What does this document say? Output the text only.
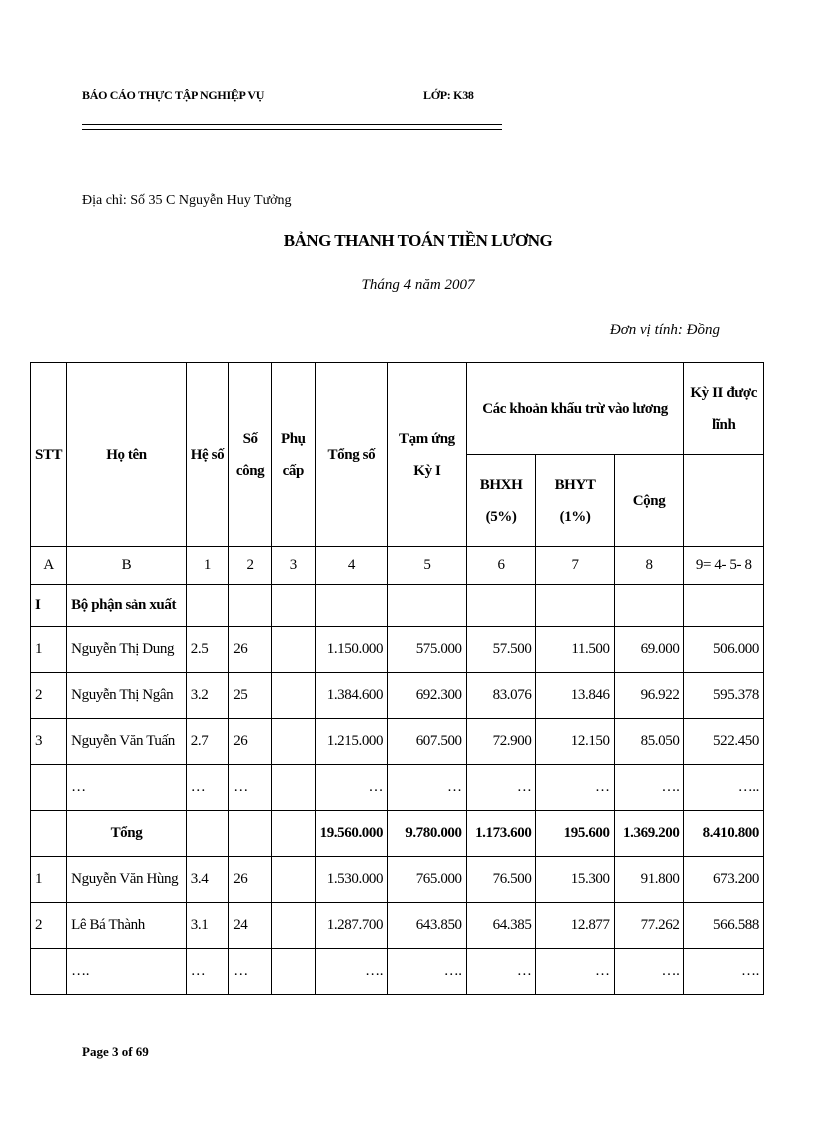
BÁO CÁO THỰC TẬP NGHIỆP VỤ	LỚP: K38
Địa chỉ: Số 35 C Nguyễn Huy Tưởng
BẢNG THANH TOÁN TIỀN LƯƠNG
Tháng 4 năm 2007
Đơn vị tính: Đồng
STT	Họ tên	Hệ số	Số công	Phụ cấp	Tổng số	Tạm ứng Kỳ I	Các khoản khấu trừ vào lương			Kỳ II được lĩnh
							BHXH (5%)	BHYT (1%)	Cộng	
A	B	1	2	3	4	5	6	7	8	9= 4- 5- 8
I	Bộ phận sản xuất									
1	Nguyễn Thị Dung	2.5	26		1.150.000	575.000	57.500	11.500	69.000	506.000
2	Nguyễn Thị Ngân	3.2	25		1.384.600	692.300	83.076	13.846	96.922	595.378
3	Nguyễn Văn Tuấn	2.7	26		1.215.000	607.500	72.900	12.150	85.050	522.450
	…	…	…		…	…	…	…	….	…..
	Tổng				19.560.000	9.780.000	1.173.600	195.600	1.369.200	8.410.800
1	Nguyễn Văn Hùng	3.4	26		1.530.000	765.000	76.500	15.300	91.800	673.200
2	Lê Bá Thành	3.1	24		1.287.700	643.850	64.385	12.877	77.262	566.588
	….	…	…		….	….	…	…	….	….
Page 3 of 69
